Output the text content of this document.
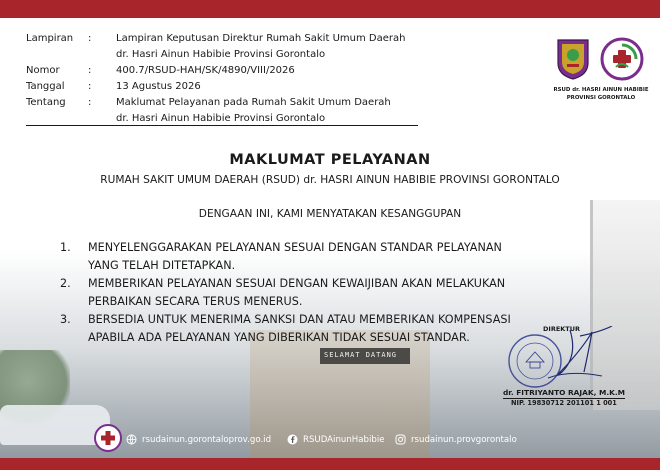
SELAMAT DATANG
Lampiran	:	Lampiran Keputusan Direktur Rumah Sakit Umum Daerah
dr. Hasri Ainun Habibie Provinsi Gorontalo
Nomor	:	400.7/RSUD-HAH/SK/4890/VIII/2026
Tanggal	:	13 Agustus 2026
Tentang	:	Maklumat Pelayanan pada Rumah Sakit Umum Daerah
dr. Hasri Ainun Habibie Provinsi Gorontalo
RSUD dr. HASRI AINUN HABIBIE
PROVINSI GORONTALO
MAKLUMAT PELAYANAN
RUMAH SAKIT UMUM DAERAH (RSUD) dr. HASRI AINUN HABIBIE PROVINSI GORONTALO
DENGAAN INI, KAMI MENYATAKAN KESANGGUPAN
1.	MENYELENGGARAKAN PELAYANAN SESUAI DENGAN STANDAR PELAYANAN
YANG TELAH DITETAPKAN.
2.	MEMBERIKAN PELAYANAN SESUAI DENGAN KEWAIJIBAN AKAN MELAKUKAN
PERBAIKAN SECARA TERUS MENERUS.
3.	BERSEDIA UNTUK MENERIMA SANKSI DAN ATAU MEMBERIKAN KOMPENSASI
APABILA ADA PELAYANAN YANG DIBERIKAN TIDAK SESUAI STANDAR.
DIREKTUR
dr. FITRIYANTO RAJAK, M.K.M
NIP. 19830712 201101 1 001
rsudainun.gorontaloprov.go.id	RSUDAinunHabibie	rsudainun.provgorontalo
